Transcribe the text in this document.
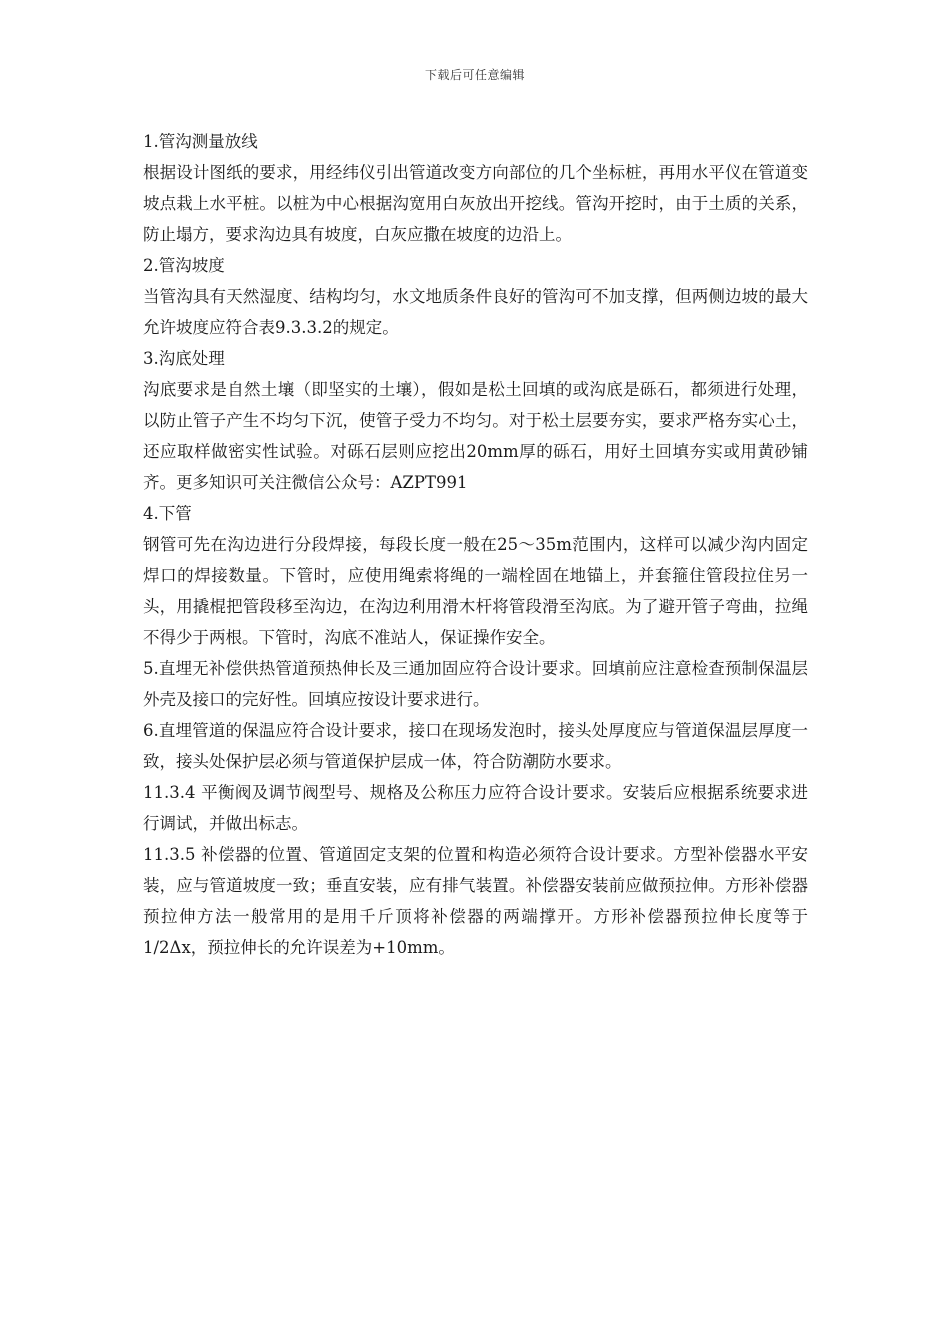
下载后可任意编辑

1.管沟测量放线

根据设计图纸的要求，用经纬仪引出管道改变方向部位的几个坐标桩，再用水平仪在管道变坡点栽上水平桩。以桩为中心根据沟宽用白灰放出开挖线。管沟开挖时，由于土质的关系，防止塌方，要求沟边具有坡度，白灰应撒在坡度的边沿上。

2.管沟坡度

当管沟具有天然湿度、结构均匀，水文地质条件良好的管沟可不加支撑，但两侧边坡的最大允许坡度应符合表9.3.3.2的规定。

3.沟底处理

沟底要求是自然土壤（即坚实的土壤），假如是松土回填的或沟底是砾石，都须进行处理，以防止管子产生不均匀下沉，使管子受力不均匀。对于松土层要夯实，要求严格夯实心土，还应取样做密实性试验。对砾石层则应挖出20mm厚的砾石，用好土回填夯实或用黄砂铺齐。更多知识可关注微信公众号：AZPT991

4.下管

钢管可先在沟边进行分段焊接，每段长度一般在25～35m范围内，这样可以减少沟内固定焊口的焊接数量。下管时，应使用绳索将绳的一端栓固在地锚上，并套箍住管段拉住另一头，用撬棍把管段移至沟边，在沟边利用滑木杆将管段滑至沟底。为了避开管子弯曲，拉绳不得少于两根。下管时，沟底不准站人，保证操作安全。

5.直埋无补偿供热管道预热伸长及三通加固应符合设计要求。回填前应注意检查预制保温层外壳及接口的完好性。回填应按设计要求进行。

6.直埋管道的保温应符合设计要求，接口在现场发泡时，接头处厚度应与管道保温层厚度一致，接头处保护层必须与管道保护层成一体，符合防潮防水要求。

11.3.4 平衡阀及调节阀型号、规格及公称压力应符合设计要求。安装后应根据系统要求进行调试，并做出标志。

11.3.5 补偿器的位置、管道固定支架的位置和构造必须符合设计要求。方型补偿器水平安装，应与管道坡度一致；垂直安装，应有排气装置。补偿器安装前应做预拉伸。方形补偿器预拉伸方法一般常用的是用千斤顶将补偿器的两端撑开。方形补偿器预拉伸长度等于1/2Δx，预拉伸长的允许误差为+10mm。
